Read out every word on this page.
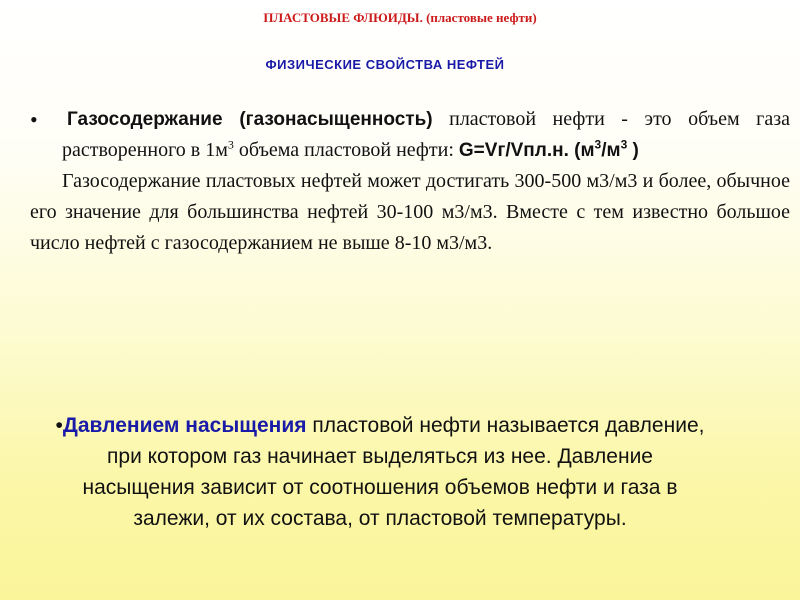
ПЛАСТОВЫЕ ФЛЮИДЫ. (пластовые нефти)
ФИЗИЧЕСКИЕ СВОЙСТВА НЕФТЕЙ
• Газосодержание (газонасыщенность) пластовой нефти - это объем газа растворенного в $1м^3$ объема пластовой нефти: G=Vг/Vпл.н. ($м^3/м^3$ )

Газосодержание пластовых нефтей может достигать 300-500 м3/м3 и более, обычное его значение для большинства нефтей 30-100 м3/м3. Вместе с тем известно большое число нефтей с газосодержанием не выше 8-10 м3/м3.

•Давлением насыщения пластовой нефти называется давление,

при котором газ начинает выделяться из нее. Давление

насыщения зависит от соотношения объемов нефти и газа в

залежи, от их состава, от пластовой температуры.
